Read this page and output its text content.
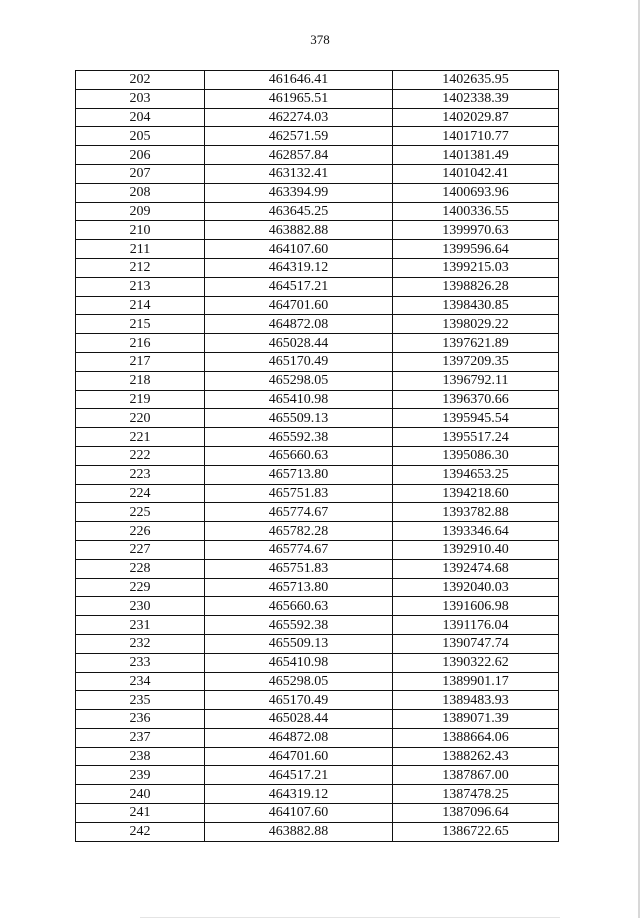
378
202	461646.41	1402635.95
203	461965.51	1402338.39
204	462274.03	1402029.87
205	462571.59	1401710.77
206	462857.84	1401381.49
207	463132.41	1401042.41
208	463394.99	1400693.96
209	463645.25	1400336.55
210	463882.88	1399970.63
211	464107.60	1399596.64
212	464319.12	1399215.03
213	464517.21	1398826.28
214	464701.60	1398430.85
215	464872.08	1398029.22
216	465028.44	1397621.89
217	465170.49	1397209.35
218	465298.05	1396792.11
219	465410.98	1396370.66
220	465509.13	1395945.54
221	465592.38	1395517.24
222	465660.63	1395086.30
223	465713.80	1394653.25
224	465751.83	1394218.60
225	465774.67	1393782.88
226	465782.28	1393346.64
227	465774.67	1392910.40
228	465751.83	1392474.68
229	465713.80	1392040.03
230	465660.63	1391606.98
231	465592.38	1391176.04
232	465509.13	1390747.74
233	465410.98	1390322.62
234	465298.05	1389901.17
235	465170.49	1389483.93
236	465028.44	1389071.39
237	464872.08	1388664.06
238	464701.60	1388262.43
239	464517.21	1387867.00
240	464319.12	1387478.25
241	464107.60	1387096.64
242	463882.88	1386722.65
